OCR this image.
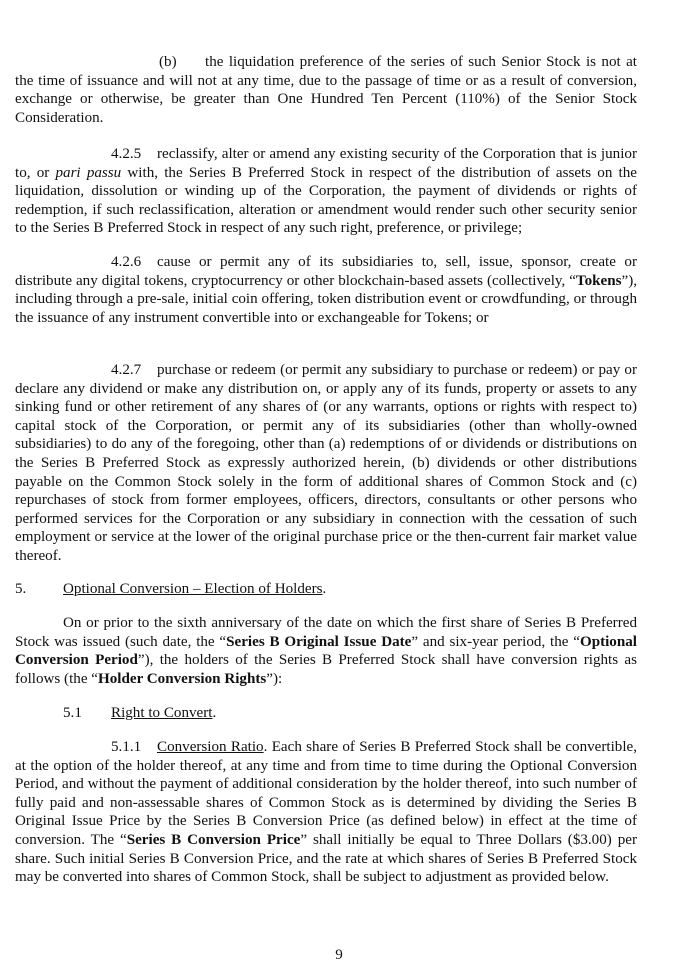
(b) the liquidation preference of the series of such Senior Stock is not at the time of issuance and will not at any time, due to the passage of time or as a result of conversion, exchange or otherwise, be greater than One Hundred Ten Percent (110%) of the Senior Stock Consideration.

4.2.5 reclassify, alter or amend any existing security of the Corporation that is junior to, or pari passu with, the Series B Preferred Stock in respect of the distribution of assets on the liquidation, dissolution or winding up of the Corporation, the payment of dividends or rights of redemption, if such reclassification, alteration or amendment would render such other security senior to the Series B Preferred Stock in respect of any such right, preference, or privilege;

4.2.6 cause or permit any of its subsidiaries to, sell, issue, sponsor, create or distribute any digital tokens, cryptocurrency or other blockchain-based assets (collectively, “Tokens”), including through a pre-sale, initial coin offering, token distribution event or crowdfunding, or through the issuance of any instrument convertible into or exchangeable for Tokens; or

4.2.7 purchase or redeem (or permit any subsidiary to purchase or redeem) or pay or declare any dividend or make any distribution on, or apply any of its funds, property or assets to any sinking fund or other retirement of any shares of (or any warrants, options or rights with respect to) capital stock of the Corporation, or permit any of its subsidiaries (other than wholly-owned subsidiaries) to do any of the foregoing, other than (a) redemptions of or dividends or distributions on the Series B Preferred Stock as expressly authorized herein, (b) dividends or other distributions payable on the Common Stock solely in the form of additional shares of Common Stock and (c) repurchases of stock from former employees, officers, directors, consultants or other persons who performed services for the Corporation or any subsidiary in connection with the cessation of such employment or service at the lower of the original purchase price or the then-current fair market value thereof.

5. Optional Conversion – Election of Holders.

On or prior to the sixth anniversary of the date on which the first share of Series B Preferred Stock was issued (such date, the “Series B Original Issue Date” and six-year period, the “Optional Conversion Period”), the holders of the Series B Preferred Stock shall have conversion rights as follows (the “Holder Conversion Rights”):

5.1 Right to Convert.

5.1.1 Conversion Ratio. Each share of Series B Preferred Stock shall be convertible, at the option of the holder thereof, at any time and from time to time during the Optional Conversion Period, and without the payment of additional consideration by the holder thereof, into such number of fully paid and non-assessable shares of Common Stock as is determined by dividing the Series B Original Issue Price by the Series B Conversion Price (as defined below) in effect at the time of conversion. The “Series B Conversion Price” shall initially be equal to Three Dollars ($3.00) per share. Such initial Series B Conversion Price, and the rate at which shares of Series B Preferred Stock may be converted into shares of Common Stock, shall be subject to adjustment as provided below.

9
